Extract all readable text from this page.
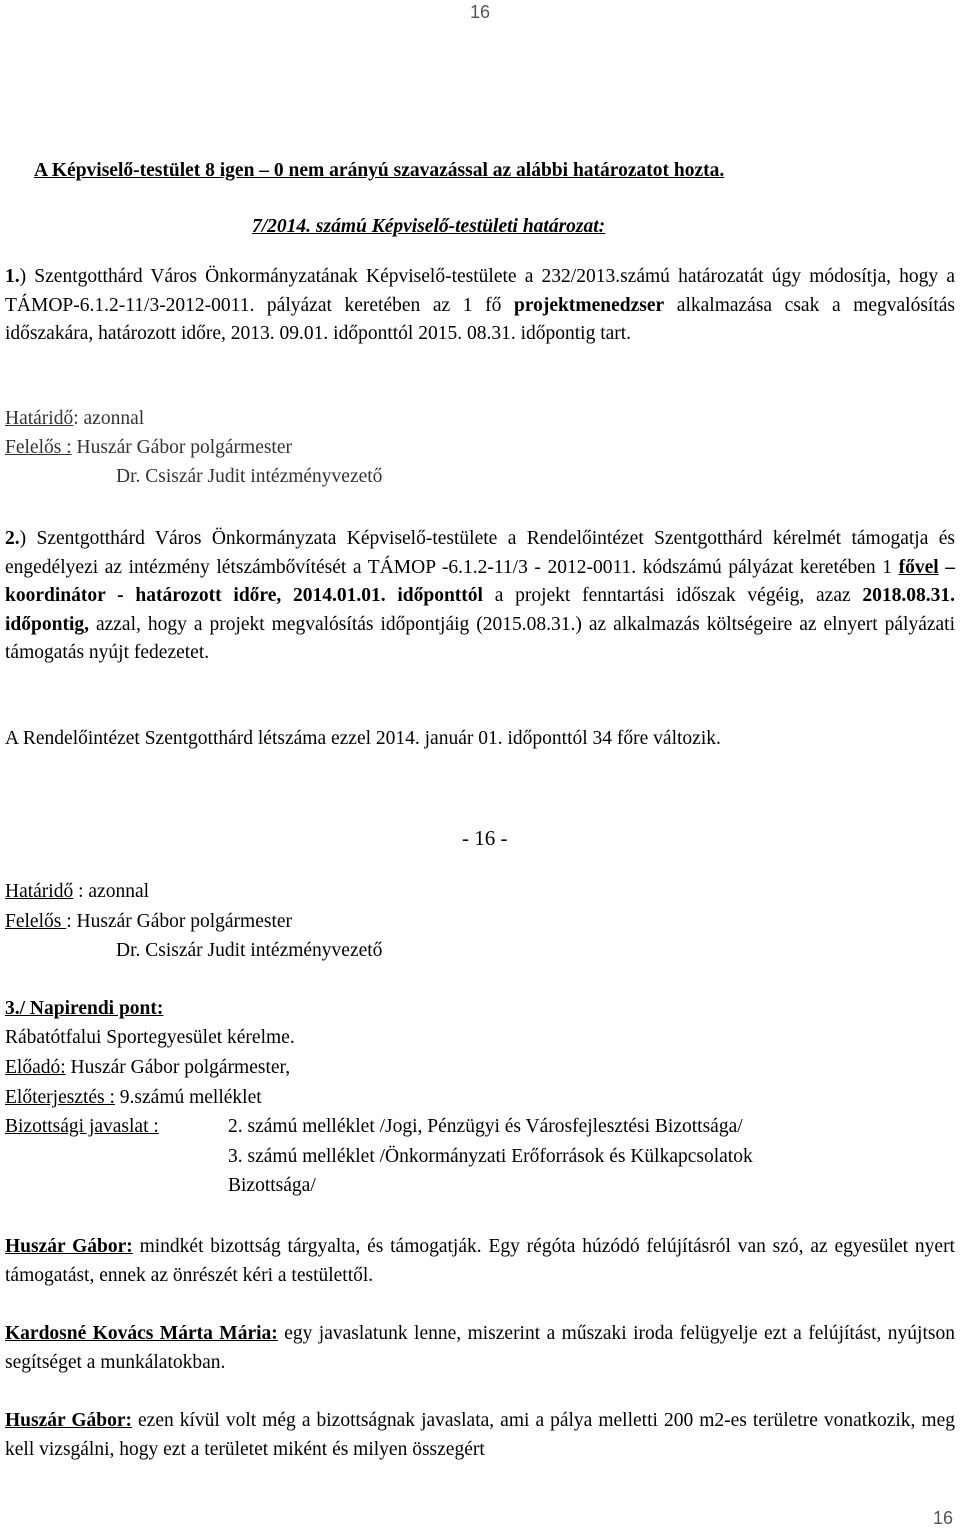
16
A Képviselő-testület 8 igen – 0 nem arányú szavazással az alábbi határozatot hozta.
7/2014. számú Képviselő-testületi határozat:
1.) Szentgotthárd Város Önkormányzatának Képviselő-testülete a 232/2013.számú határozatát úgy módosítja, hogy a TÁMOP-6.1.2-11/3-2012-0011. pályázat keretében az 1 fő projektmenedzser alkalmazása csak a megvalósítás időszakára, határozott időre, 2013. 09.01. időponttól 2015. 08.31. időpontig tart.
Határidő: azonnal
Felelős : Huszár Gábor polgármester
Dr. Csiszár Judit intézményvezető
2.) Szentgotthárd Város Önkormányzata Képviselő-testülete a Rendelőintézet Szentgotthárd kérelmét támogatja és engedélyezi az intézmény létszámbővítését a TÁMOP -6.1.2-11/3 - 2012-0011. kódszámú pályázat keretében 1 fővel – koordinátor - határozott időre, 2014.01.01. időponttól a projekt fenntartási időszak végéig, azaz 2018.08.31. időpontig, azzal, hogy a projekt megvalósítás időpontjáig (2015.08.31.) az alkalmazás költségeire az elnyert pályázati támogatás nyújt fedezetet.
A Rendelőintézet Szentgotthárd létszáma ezzel 2014. január 01. időponttól 34 főre változik.
- 16 -
Határidő : azonnal
Felelős : Huszár Gábor polgármester
Dr. Csiszár Judit intézményvezető
3./ Napirendi pont:
Rábatótfalui Sportegyesület kérelme.
Előadó: Huszár Gábor polgármester,
Előterjesztés : 9.számú melléklet
Bizottsági javaslat :	2. számú melléklet /Jogi, Pénzügyi és Városfejlesztési Bizottsága/
3. számú melléklet /Önkormányzati Erőforrások és Külkapcsolatok
Bizottsága/
Huszár Gábor: mindkét bizottság tárgyalta, és támogatják. Egy régóta húzódó felújításról van szó, az egyesület nyert támogatást, ennek az önrészét kéri a testülettől.
Kardosné Kovács Márta Mária: egy javaslatunk lenne, miszerint a műszaki iroda felügyelje ezt a felújítást, nyújtson segítséget a munkálatokban.
Huszár Gábor: ezen kívül volt még a bizottságnak javaslata, ami a pálya melletti 200 m2-es területre vonatkozik, meg kell vizsgálni, hogy ezt a területet miként és milyen összegért
16
